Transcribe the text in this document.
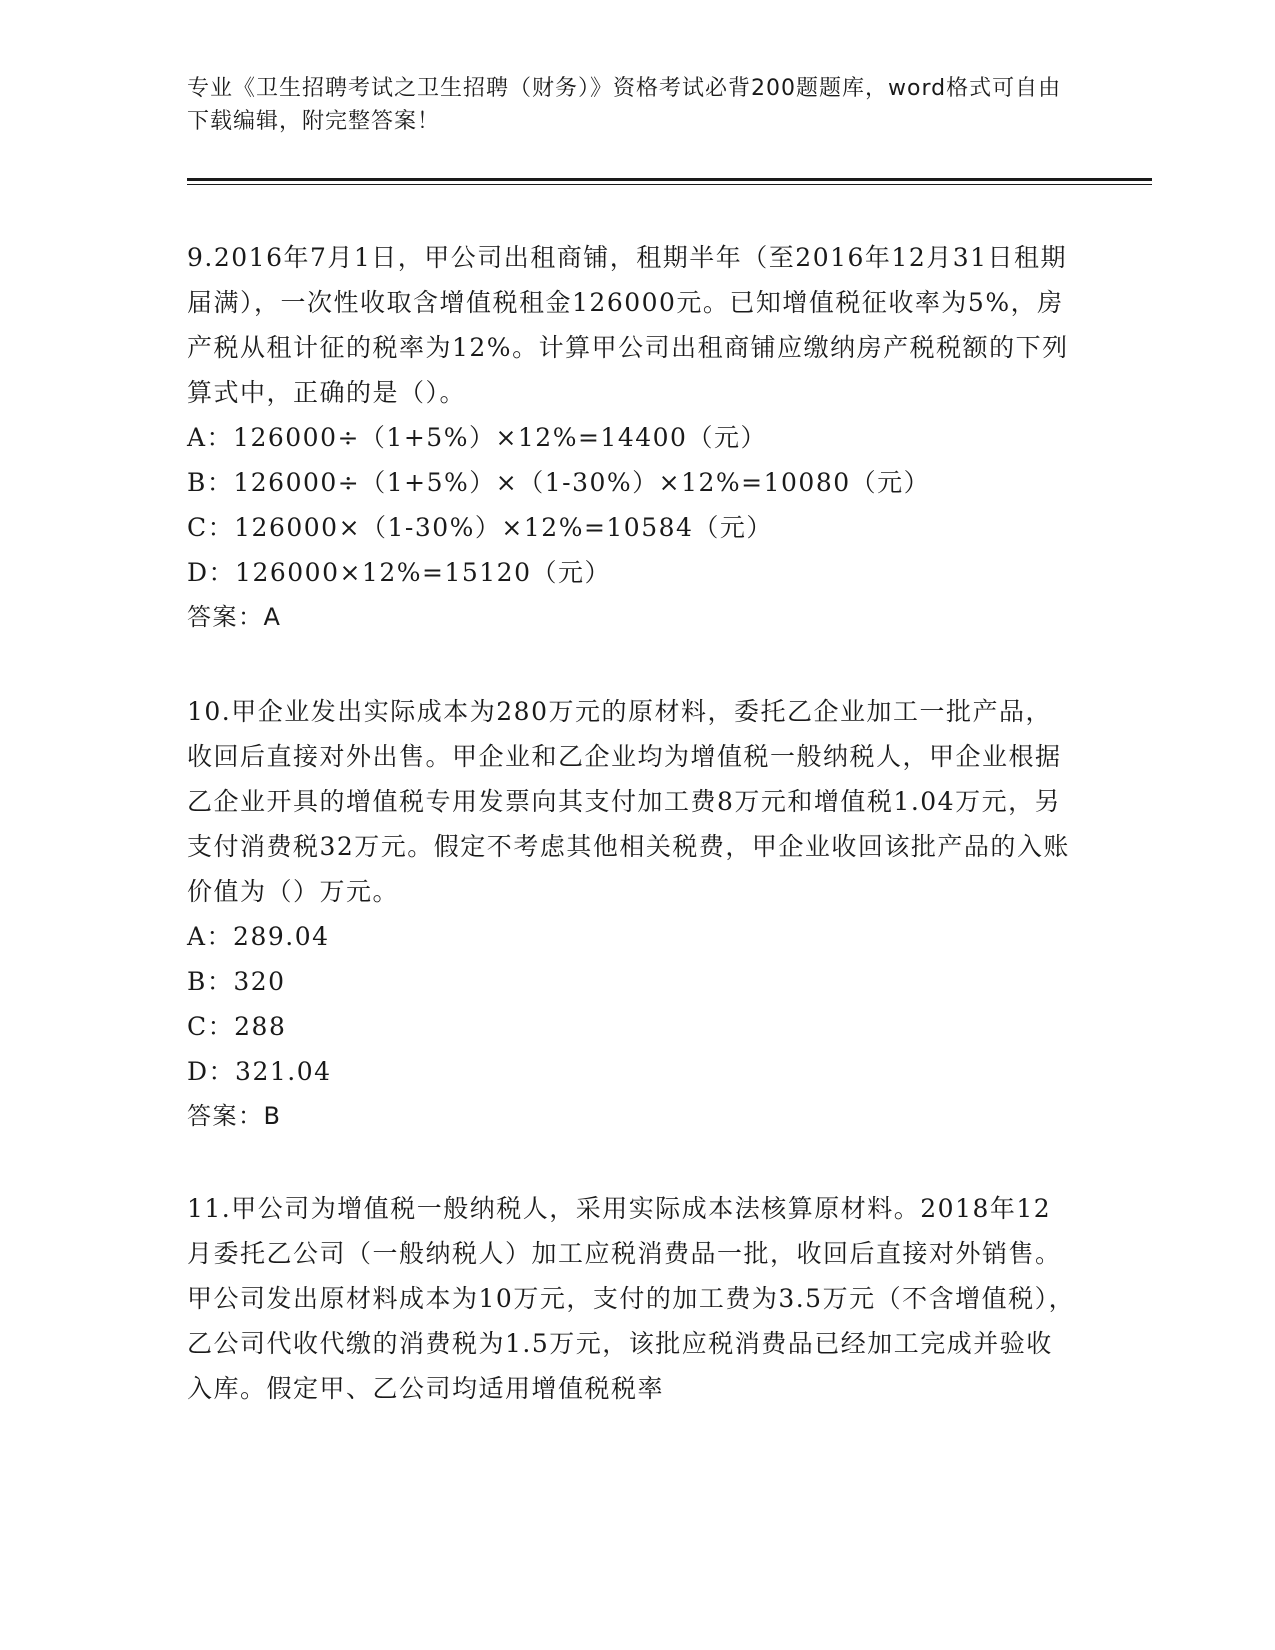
专业《卫生招聘考试之卫生招聘（财务）》资格考试必背200题题库，word格式可自由下载编辑，附完整答案！
9.2016年7月1日，甲公司出租商铺，租期半年（至2016年12月31日租期届满），一次性收取含增值税租金126000元。已知增值税征收率为5%，房产税从租计征的税率为12%。计算甲公司出租商铺应缴纳房产税税额的下列算式中，正确的是（）。
A：126000÷（1+5%）×12%=14400（元）
B：126000÷（1+5%）×（1-30%）×12%=10080（元）
C：126000×（1-30%）×12%=10584（元）
D：126000×12%=15120（元）
答案：A
10.甲企业发出实际成本为280万元的原材料，委托乙企业加工一批产品，收回后直接对外出售。甲企业和乙企业均为增值税一般纳税人，甲企业根据乙企业开具的增值税专用发票向其支付加工费8万元和增值税1.04万元，另支付消费税32万元。假定不考虑其他相关税费，甲企业收回该批产品的入账价值为（）万元。
A：289.04
B：320
C：288
D：321.04
答案：B
11.甲公司为增值税一般纳税人，采用实际成本法核算原材料。2018年12月委托乙公司（一般纳税人）加工应税消费品一批，收回后直接对外销售。甲公司发出原材料成本为10万元，支付的加工费为3.5万元（不含增值税），乙公司代收代缴的消费税为1.5万元，该批应税消费品已经加工完成并验收入库。假定甲、乙公司均适用增值税税率
